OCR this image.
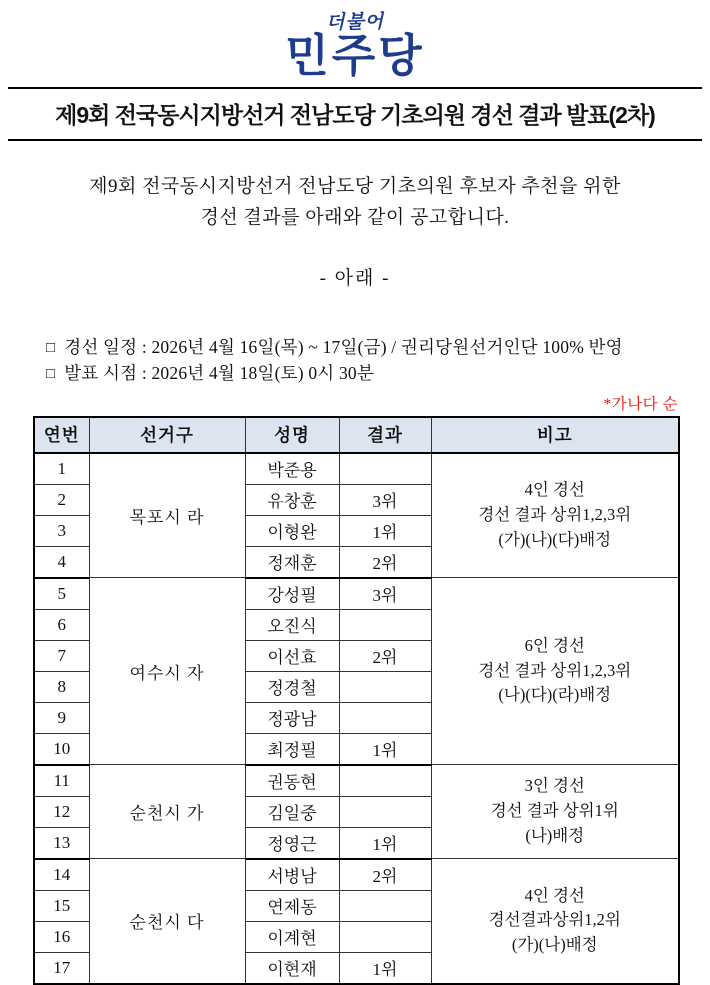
더불어
민주당
제9회 전국동시지방선거 전남도당 기초의원 경선 결과 발표(2차)
제9회 전국동시지방선거 전남도당 기초의원 후보자 추천을 위한
경선 결과를 아래와 같이 공고합니다.
- 아래 -
□ 경선 일정 : 2026년 4월 16일(목) ~ 17일(금) / 권리당원선거인단 100% 반영
□ 발표 시점 : 2026년 4월 18일(토) 0시 30분
*가나다 순
연번	선거구	성명	결과	비고
1	목포시 라	박준용		4인 경선
경선 결과 상위1,2,3위
(가)(나)(다)배정

2		유창훈	3위	
3		이형완	1위	
4		정재훈	2위	
5	여수시 자	강성필	3위	6인 경선
경선 결과 상위1,2,3위
(나)(다)(라)배정

6		오진식		
7		이선효	2위	
8		정경철		
9		정광남		
10		최정필	1위	
11	순천시 가	권동현		3인 경선
경선 결과 상위1위
(나)배정

12		김일중		
13		정영근	1위	
14	순천시 다	서병남	2위	4인 경선
경선결과상위1,2위
(가)(나)배정

15		연제동		
16		이계현		
17		이현재	1위	
